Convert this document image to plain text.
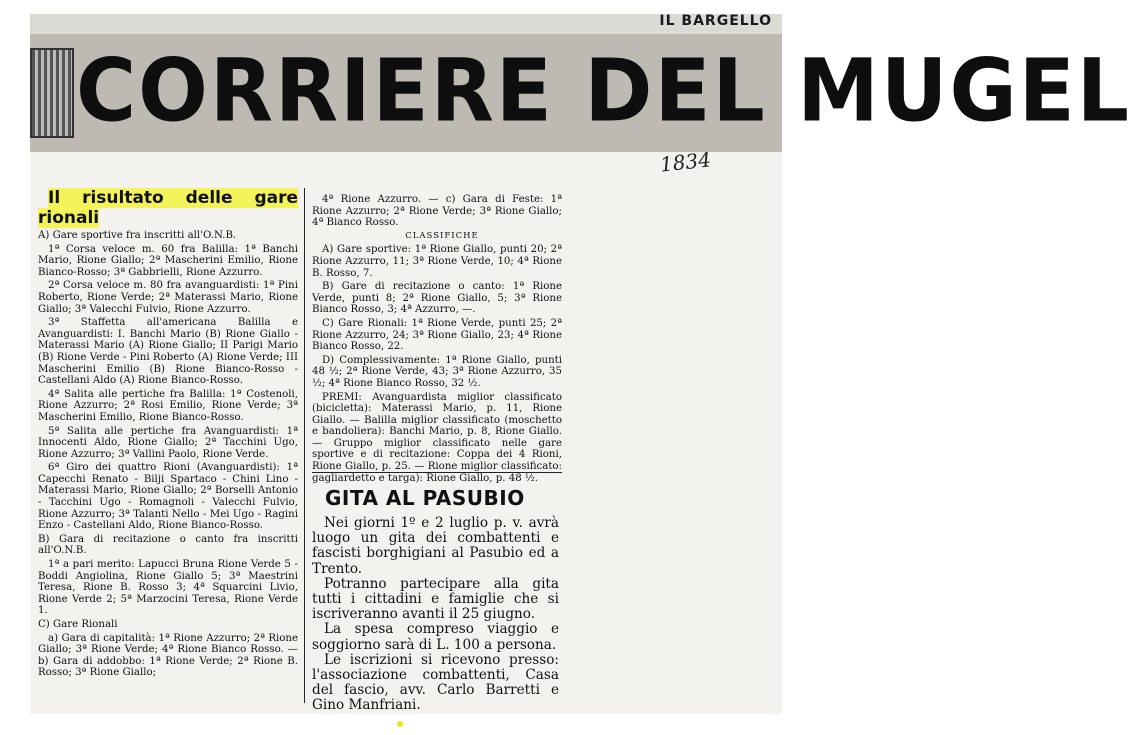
IL BARGELLO
CORRIERE DEL MUGEL
1834

Il risultato delle gare rionali

A) Gare sportive fra inscritti all'O.N.B.

1ª Corsa veloce m. 60 fra Balilla: 1ª Banchi Mario, Rione Giallo; 2ª Mascherini Emilio, Rione Bianco-Rosso; 3ª Gabbrielli, Rione Azzurro.

2ª Corsa veloce m. 80 fra avanguardisti: 1ª Pini Roberto, Rione Verde; 2ª Materassi Mario, Rione Giallo; 3ª Valecchi Fulvio, Rione Azzurro.

3ª Staffetta all'americana Balilla e Avanguardisti: I. Banchi Mario (B) Rione Giallo - Materassi Mario (A) Rione Giallo; II Parigi Mario (B) Rione Verde - Pini Roberto (A) Rione Verde; III Mascherini Emilio (B) Rione Bianco-Rosso - Castellani Aldo (A) Rione Bianco-Rosso.

4ª Salita alle pertiche fra Balilla: 1ª Costenoli, Rione Azzurro; 2ª Rosi Emilio, Rione Verde; 3ª Mascherini Emilio, Rione Bianco-Rosso.

5ª Salita alle pertiche fra Avanguardisti: 1ª Innocenti Aldo, Rione Giallo; 2ª Tacchini Ugo, Rione Azzurro; 3ª Vallini Paolo, Rione Verde.

6ª Giro dei quattro Rioni (Avanguardisti): 1ª Capecchi Renato - Bilji Spartaco - Chini Lino - Materassi Mario, Rione Giallo; 2ª Borselli Antonio - Tacchini Ugo - Romagnoli - Valecchi Fulvio, Rione Azzurro; 3ª Talanti Nello - Mei Ugo - Ragini Enzo - Castellani Aldo, Rione Bianco-Rosso.

B) Gara di recitazione o canto fra inscritti all'O.N.B.

1ª a pari merito: Lapucci Bruna Rione Verde 5 - Boddi Angiolina, Rione Giallo 5; 3ª Maestrini Teresa, Rione B. Rosso 3; 4ª Squarcini Livio, Rione Verde 2; 5ª Marzocini Teresa, Rione Verde 1.

C) Gare Rionali

a) Gara di capitalità: 1ª Rione Azzurro; 2ª Rione Giallo; 3ª Rione Verde; 4ª Rione Bianco Rosso. — b) Gara di addobbo: 1ª Rione Verde; 2ª Rione B. Rosso; 3ª Rione Giallo;

4ª Rione Azzurro. — c) Gara di Feste: 1ª Rione Azzurro; 2ª Rione Verde; 3ª Rione Giallo; 4ª Bianco Rosso.

CLASSIFICHE

A) Gare sportive: 1ª Rione Giallo, punti 20; 2ª Rione Azzurro, 11; 3ª Rione Verde, 10; 4ª Rione B. Rosso, 7.

B) Gare di recitazione o canto: 1ª Rione Verde, punti 8; 2ª Rione Giallo, 5; 3ª Rione Bianco Rosso, 3; 4ª Azzurro, —.

C) Gare Rionali: 1ª Rione Verde, punti 25; 2ª Rione Azzurro, 24; 3ª Rione Giallo, 23; 4ª Rione Bianco Rosso, 22.

D) Complessivamente: 1ª Rione Giallo, punti 48 ½; 2ª Rione Verde, 43; 3ª Rione Azzurro, 35 ½; 4ª Rione Bianco Rosso, 32 ½.

PREMI: Avanguardista miglior classificato (bicicletta): Materassi Mario, p. 11, Rione Giallo. — Balilla miglior classificato (moschetto e bandoliera): Banchi Mario, p. 8, Rione Giallo. — Gruppo miglior classificato nelle gare sportive e di recitazione: Coppa dei 4 Rioni, Rione Giallo, p. 25. — Rione miglior classificato: gagliardetto e targa): Rione Giallo, p. 48 ½.

GITA AL PASUBIO

Nei giorni 1º e 2 luglio p. v. avrà luogo un gita dei combattenti e fascisti borghigiani al Pasubio ed a Trento.

Potranno partecipare alla gita tutti i cittadini e famiglie che si iscriveranno avanti il 25 giugno.

La spesa compreso viaggio e soggiorno sarà di L. 100 a persona.

Le iscrizioni si ricevono presso: l'associazione combattenti, Casa del fascio, avv. Carlo Barretti e Gino Manfriani.
